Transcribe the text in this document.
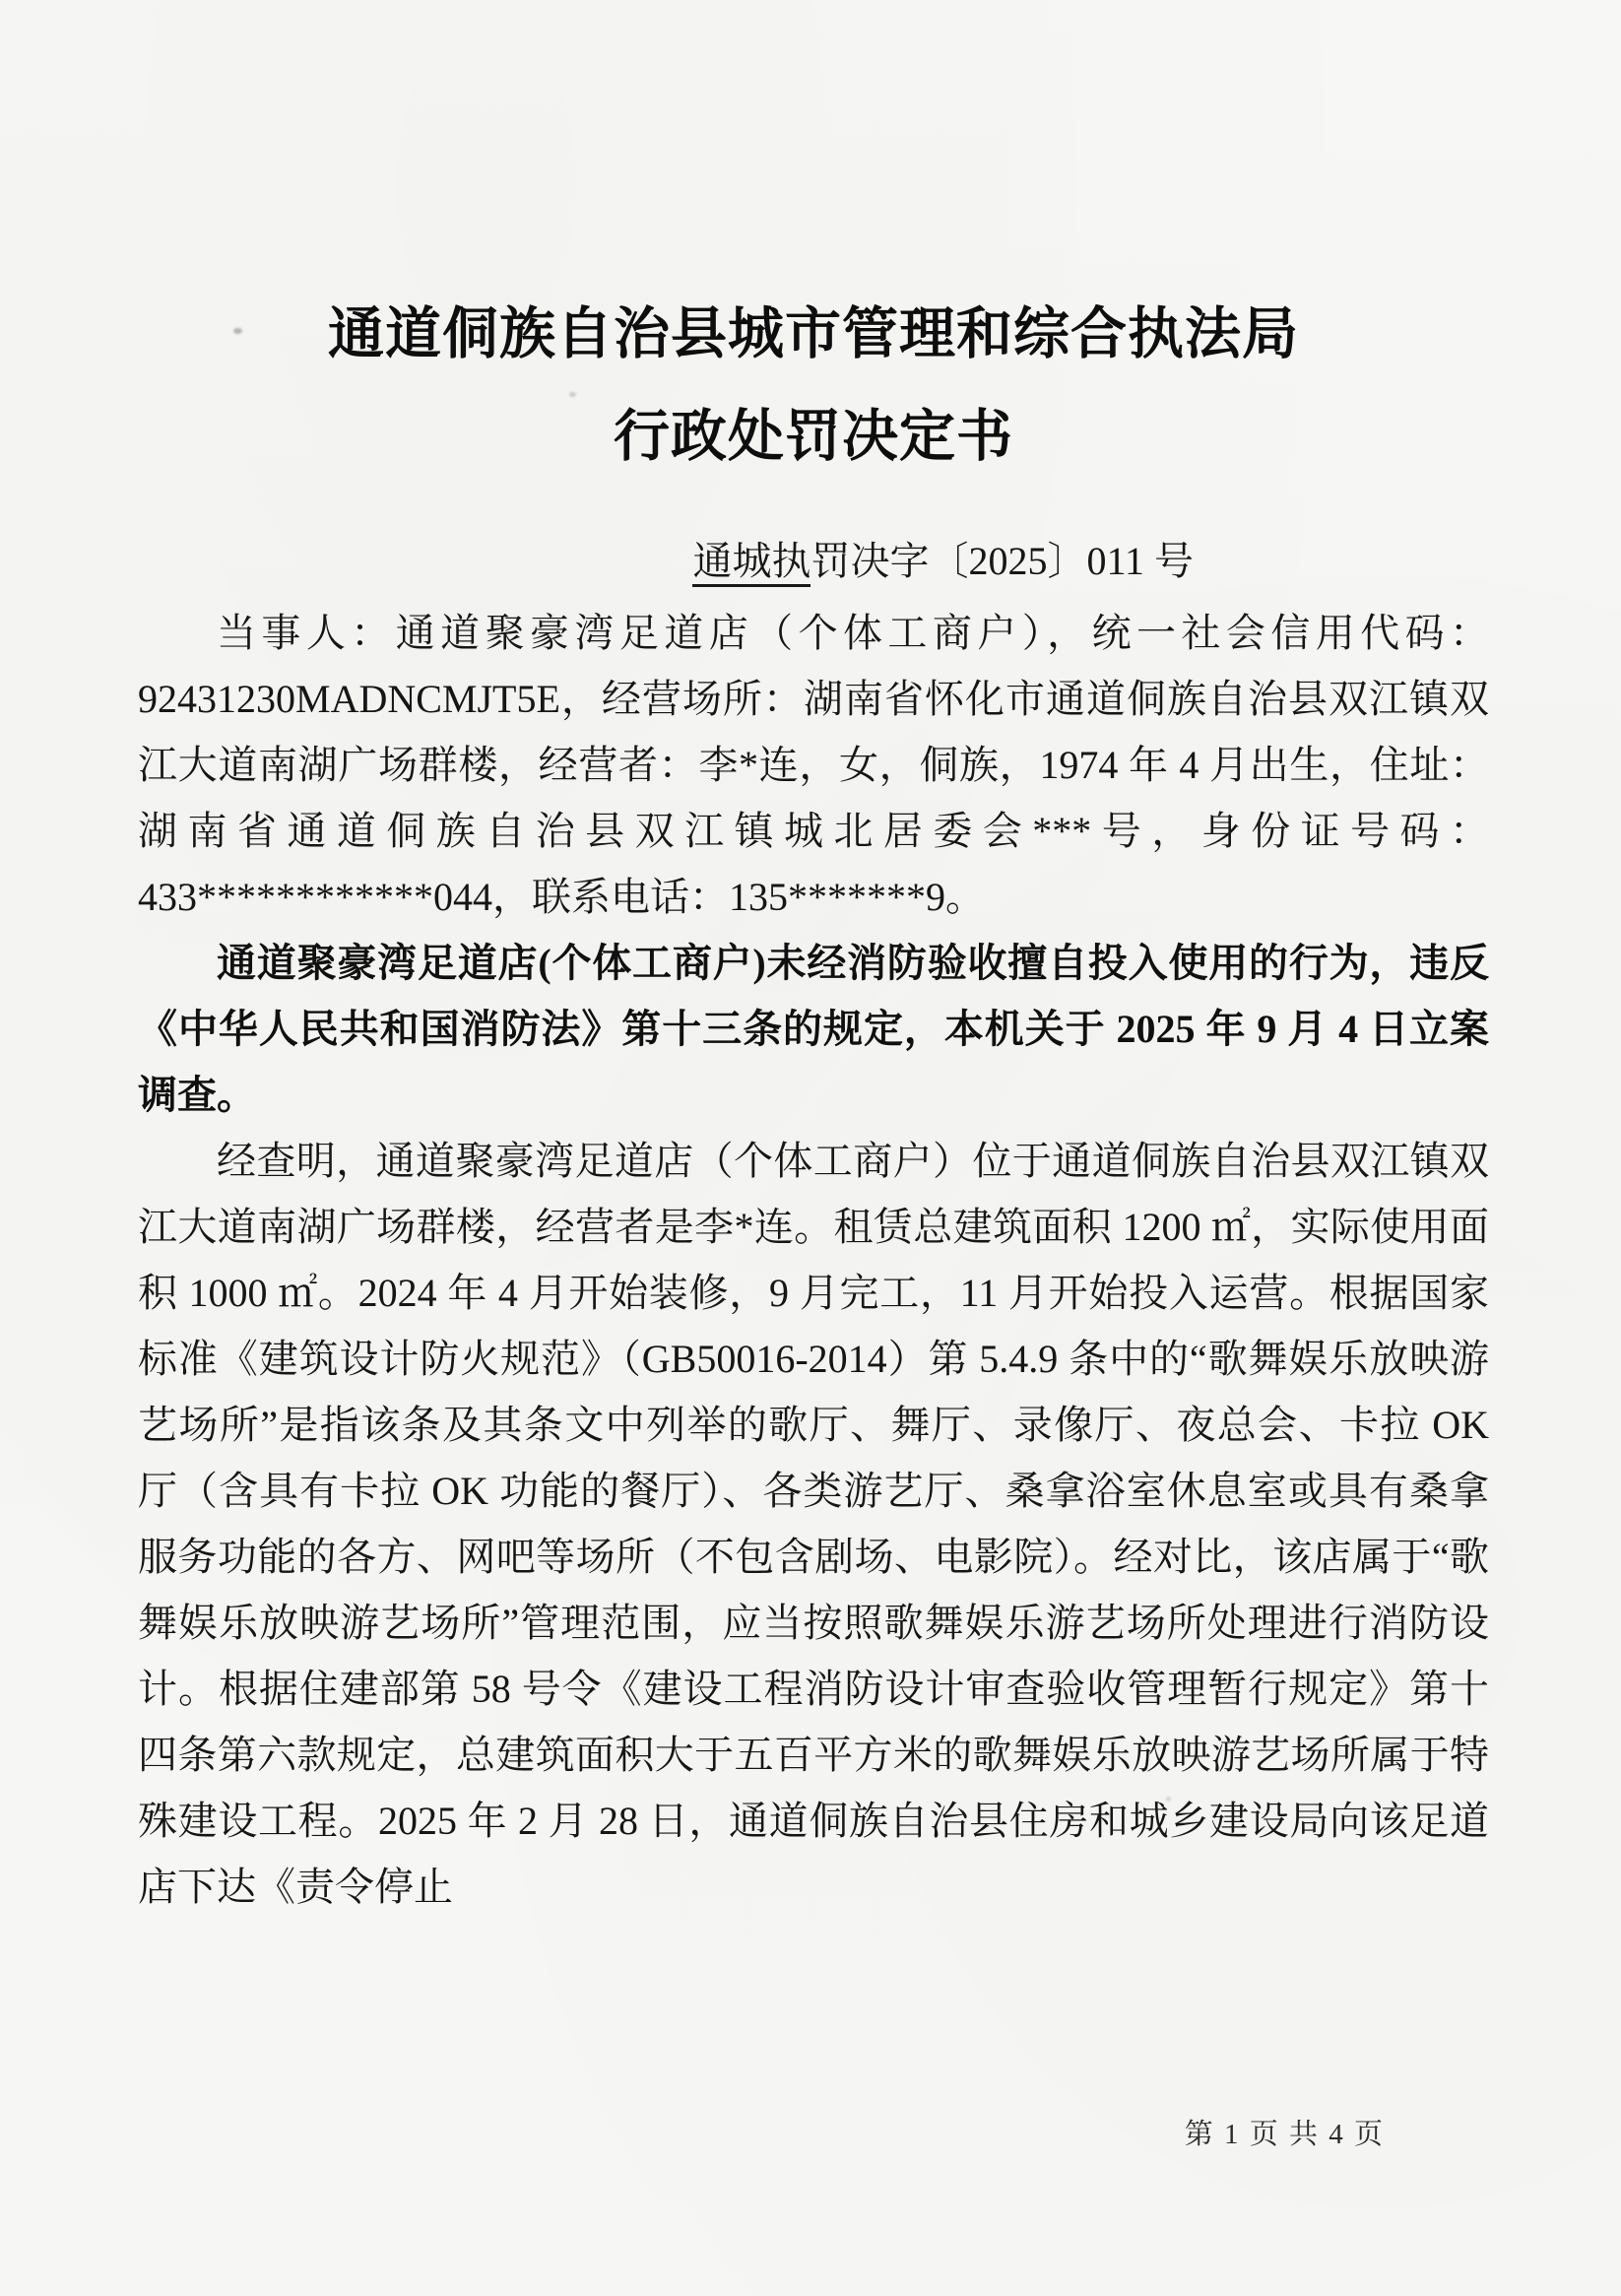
通道侗族自治县城市管理和综合执法局
行政处罚决定书
通城执罚决字〔2025〕011 号

当事人：通道聚豪湾足道店（个体工商户），统一社会信用代码：92431230MADNCMJT5E，经营场所：湖南省怀化市通道侗族自治县双江镇双江大道南湖广场群楼，经营者：李*连，女，侗族，1974 年 4 月出生，住址：湖南省通道侗族自治县双江镇城北居委会***号，身份证号码：433************044，联系电话：135*******9。

通道聚豪湾足道店(个体工商户)未经消防验收擅自投入使用的行为，违反《中华人民共和国消防法》第十三条的规定，本机关于 2025 年 9 月 4 日立案调查。

经查明，通道聚豪湾足道店（个体工商户）位于通道侗族自治县双江镇双江大道南湖广场群楼，经营者是李*连。租赁总建筑面积 1200 ㎡，实际使用面积 1000 ㎡。2024 年 4 月开始装修，9 月完工，11 月开始投入运营。根据国家标准《建筑设计防火规范》（GB50016-2014）第 5.4.9 条中的“歌舞娱乐放映游艺场所”是指该条及其条文中列举的歌厅、舞厅、录像厅、夜总会、卡拉 OK 厅（含具有卡拉 OK 功能的餐厅）、各类游艺厅、桑拿浴室休息室或具有桑拿服务功能的各方、网吧等场所（不包含剧场、电影院）。经对比，该店属于“歌舞娱乐放映游艺场所”管理范围，应当按照歌舞娱乐游艺场所处理进行消防设计。根据住建部第 58 号令《建设工程消防设计审查验收管理暂行规定》第十四条第六款规定，总建筑面积大于五百平方米的歌舞娱乐放映游艺场所属于特殊建设工程。2025 年 2 月 28 日，通道侗族自治县住房和城乡建设局向该足道店下达《责令停止

第 1 页 共 4 页
